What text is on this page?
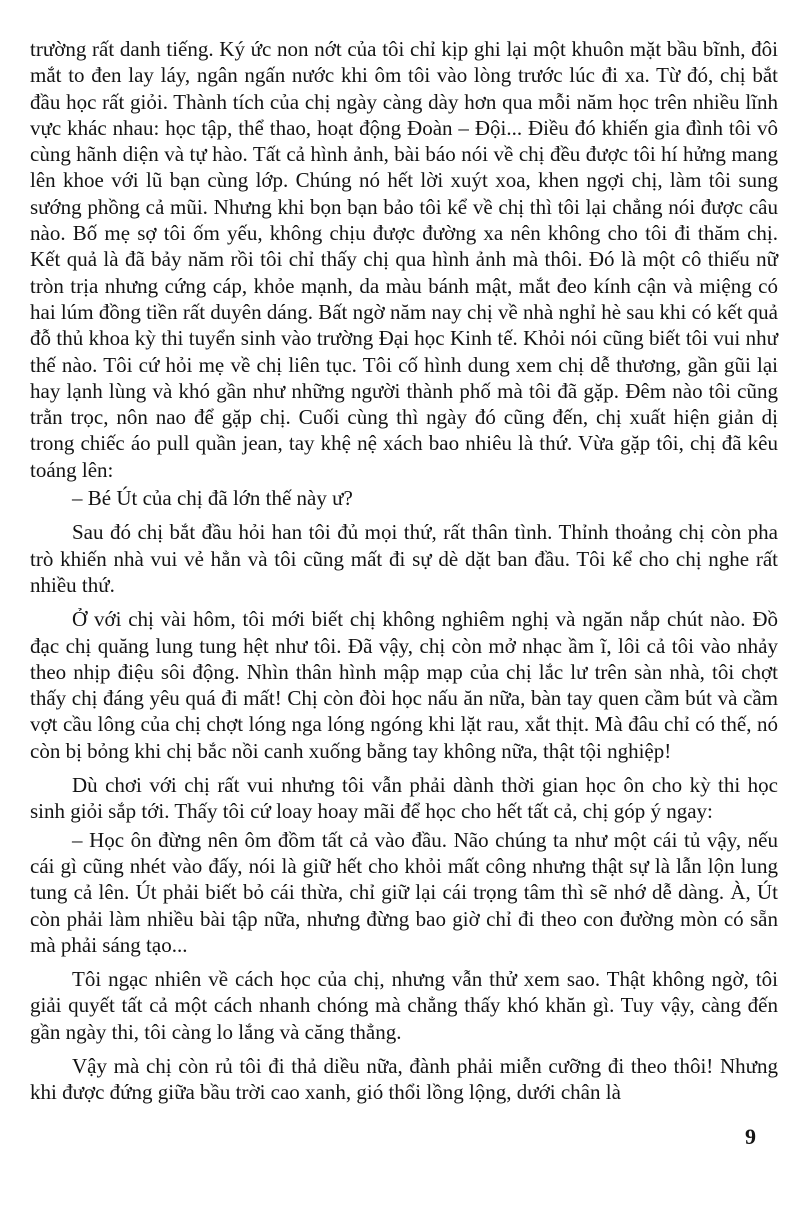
trường rất danh tiếng. Ký ức non nớt của tôi chỉ kịp ghi lại một khuôn mặt bầu bĩnh, đôi mắt to đen lay láy, ngân ngấn nước khi ôm tôi vào lòng trước lúc đi xa. Từ đó, chị bắt đầu học rất giỏi. Thành tích của chị ngày càng dày hơn qua mỗi năm học trên nhiều lĩnh vực khác nhau: học tập, thể thao, hoạt động Đoàn – Đội... Điều đó khiến gia đình tôi vô cùng hãnh diện và tự hào. Tất cả hình ảnh, bài báo nói về chị đều được tôi hí hửng mang lên khoe với lũ bạn cùng lớp. Chúng nó hết lời xuýt xoa, khen ngợi chị, làm tôi sung sướng phồng cả mũi. Nhưng khi bọn bạn bảo tôi kể về chị thì tôi lại chẳng nói được câu nào. Bố mẹ sợ tôi ốm yếu, không chịu được đường xa nên không cho tôi đi thăm chị. Kết quả là đã bảy năm rồi tôi chỉ thấy chị qua hình ảnh mà thôi. Đó là một cô thiếu nữ tròn trịa nhưng cứng cáp, khỏe mạnh, da màu bánh mật, mắt đeo kính cận và miệng có hai lúm đồng tiền rất duyên dáng. Bất ngờ năm nay chị về nhà nghỉ hè sau khi có kết quả đỗ thủ khoa kỳ thi tuyển sinh vào trường Đại học Kinh tế. Khỏi nói cũng biết tôi vui như thế nào. Tôi cứ hỏi mẹ về chị liên tục. Tôi cố hình dung xem chị dễ thương, gần gũi lại hay lạnh lùng và khó gần như những người thành phố mà tôi đã gặp. Đêm nào tôi cũng trằn trọc, nôn nao để gặp chị. Cuối cùng thì ngày đó cũng đến, chị xuất hiện giản dị trong chiếc áo pull quần jean, tay khệ nệ xách bao nhiêu là thứ. Vừa gặp tôi, chị đã kêu toáng lên:

– Bé Út của chị đã lớn thế này ư?

Sau đó chị bắt đầu hỏi han tôi đủ mọi thứ, rất thân tình. Thỉnh thoảng chị còn pha trò khiến nhà vui vẻ hẳn và tôi cũng mất đi sự dè dặt ban đầu. Tôi kể cho chị nghe rất nhiều thứ.

Ở với chị vài hôm, tôi mới biết chị không nghiêm nghị và ngăn nắp chút nào. Đồ đạc chị quăng lung tung hệt như tôi. Đã vậy, chị còn mở nhạc ầm ĩ, lôi cả tôi vào nhảy theo nhịp điệu sôi động. Nhìn thân hình mập mạp của chị lắc lư trên sàn nhà, tôi chợt thấy chị đáng yêu quá đi mất! Chị còn đòi học nấu ăn nữa, bàn tay quen cầm bút và cầm vợt cầu lông của chị chợt lóng nga lóng ngóng khi lặt rau, xắt thịt. Mà đâu chỉ có thế, nó còn bị bỏng khi chị bắc nồi canh xuống bằng tay không nữa, thật tội nghiệp!

Dù chơi với chị rất vui nhưng tôi vẫn phải dành thời gian học ôn cho kỳ thi học sinh giỏi sắp tới. Thấy tôi cứ loay hoay mãi để học cho hết tất cả, chị góp ý ngay:

– Học ôn đừng nên ôm đồm tất cả vào đầu. Não chúng ta như một cái tủ vậy, nếu cái gì cũng nhét vào đấy, nói là giữ hết cho khỏi mất công nhưng thật sự là lẫn lộn lung tung cả lên. Út phải biết bỏ cái thừa, chỉ giữ lại cái trọng tâm thì sẽ nhớ dễ dàng. À, Út còn phải làm nhiều bài tập nữa, nhưng đừng bao giờ chỉ đi theo con đường mòn có sẵn mà phải sáng tạo...

Tôi ngạc nhiên về cách học của chị, nhưng vẫn thử xem sao. Thật không ngờ, tôi giải quyết tất cả một cách nhanh chóng mà chẳng thấy khó khăn gì. Tuy vậy, càng đến gần ngày thi, tôi càng lo lắng và căng thẳng.

Vậy mà chị còn rủ tôi đi thả diều nữa, đành phải miễn cưỡng đi theo thôi! Nhưng khi được đứng giữa bầu trời cao xanh, gió thổi lồng lộng, dưới chân là

9
